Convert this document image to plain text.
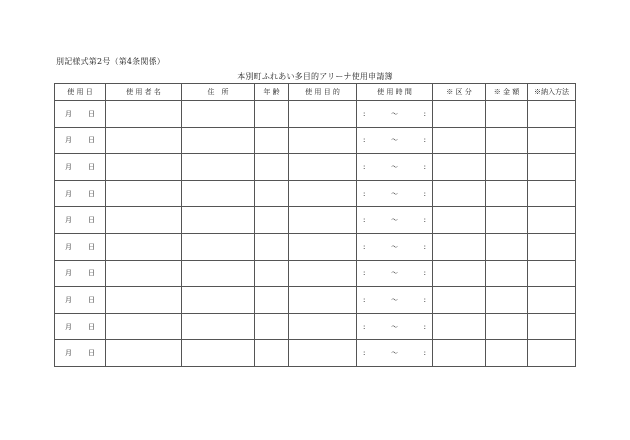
別記様式第2号（第4条関係）
本別町ふれあい多目的アリーナ使用申請簿
使 用 日	使 用 者 名	住　所	年 齢	使 用 目 的	使 用 時 間	※ 区 分	※ 金 額	※納入方法

月 日					: ～ :			

月 日					: ～ :			

月 日					: ～ :			

月 日					: ～ :			

月 日					: ～ :			

月 日					: ～ :			

月 日					: ～ :			

月 日					: ～ :			

月 日					: ～ :			

月 日					: ～ :			
